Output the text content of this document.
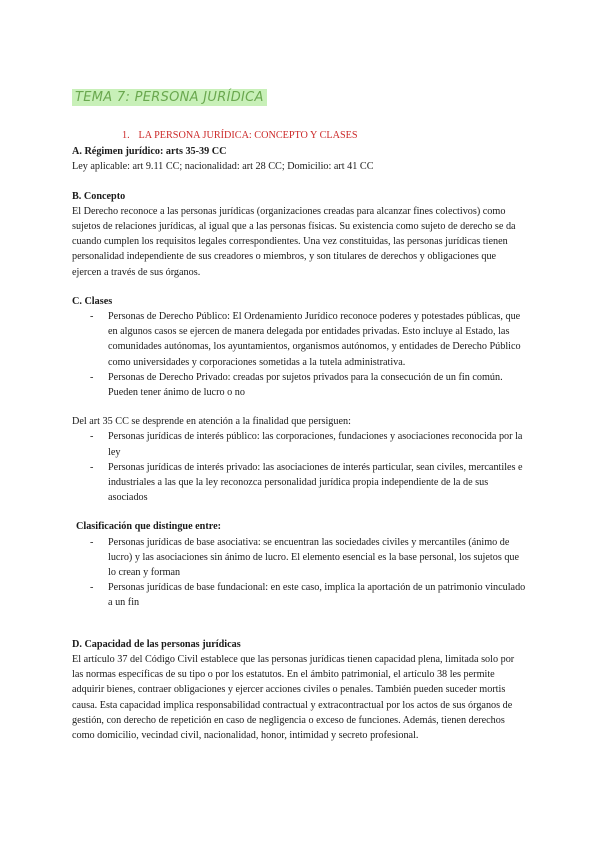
TEMA 7: PERSONA JURÍDICA
1. LA PERSONA JURÍDICA: CONCEPTO Y CLASES
A. Régimen jurídico: arts 35-39 CC

Ley aplicable: art 9.11 CC; nacionalidad: art 28 CC; Domicilio: art 41 CC

B. Concepto

El Derecho reconoce a las personas jurídicas (organizaciones creadas para alcanzar fines colectivos) como sujetos de relaciones jurídicas, al igual que a las personas físicas. Su existencia como sujeto de derecho se da cuando cumplen los requisitos legales correspondientes. Una vez constituidas, las personas jurídicas tienen personalidad independiente de sus creadores o miembros, y son titulares de derechos y obligaciones que ejercen a través de sus órganos.

C. Clases
- Personas de Derecho Público: El Ordenamiento Jurídico reconoce poderes y potestades públicas, que en algunos casos se ejercen de manera delegada por entidades privadas. Esto incluye al Estado, las comunidades autónomas, los ayuntamientos, organismos autónomos, y entidades de Derecho Público como universidades y corporaciones sometidas a la tutela administrativa.
- Personas de Derecho Privado: creadas por sujetos privados para la consecución de un fin común. Pueden tener ánimo de lucro o no

Del art 35 CC se desprende en atención a la finalidad que persiguen:

- Personas jurídicas de interés público: las corporaciones, fundaciones y asociaciones reconocida por la ley
- Personas jurídicas de interés privado: las asociaciones de interés particular, sean civiles, mercantiles e industriales a las que la ley reconozca personalidad jurídica propia independiente de la de sus asociados
Clasificación que distingue entre:
- Personas jurídicas de base asociativa: se encuentran las sociedades civiles y mercantiles (ánimo de lucro) y las asociaciones sin ánimo de lucro. El elemento esencial es la base personal, los sujetos que lo crean y forman
- Personas jurídicas de base fundacional: en este caso, implica la aportación de un patrimonio vinculado a un fin
D. Capacidad de las personas jurídicas

El artículo 37 del Código Civil establece que las personas jurídicas tienen capacidad plena, limitada solo por las normas específicas de su tipo o por los estatutos. En el ámbito patrimonial, el artículo 38 les permite adquirir bienes, contraer obligaciones y ejercer acciones civiles o penales. También pueden suceder mortis causa. Esta capacidad implica responsabilidad contractual y extracontractual por los actos de sus órganos de gestión, con derecho de repetición en caso de negligencia o exceso de funciones. Además, tienen derechos como domicilio, vecindad civil, nacionalidad, honor, intimidad y secreto profesional.
